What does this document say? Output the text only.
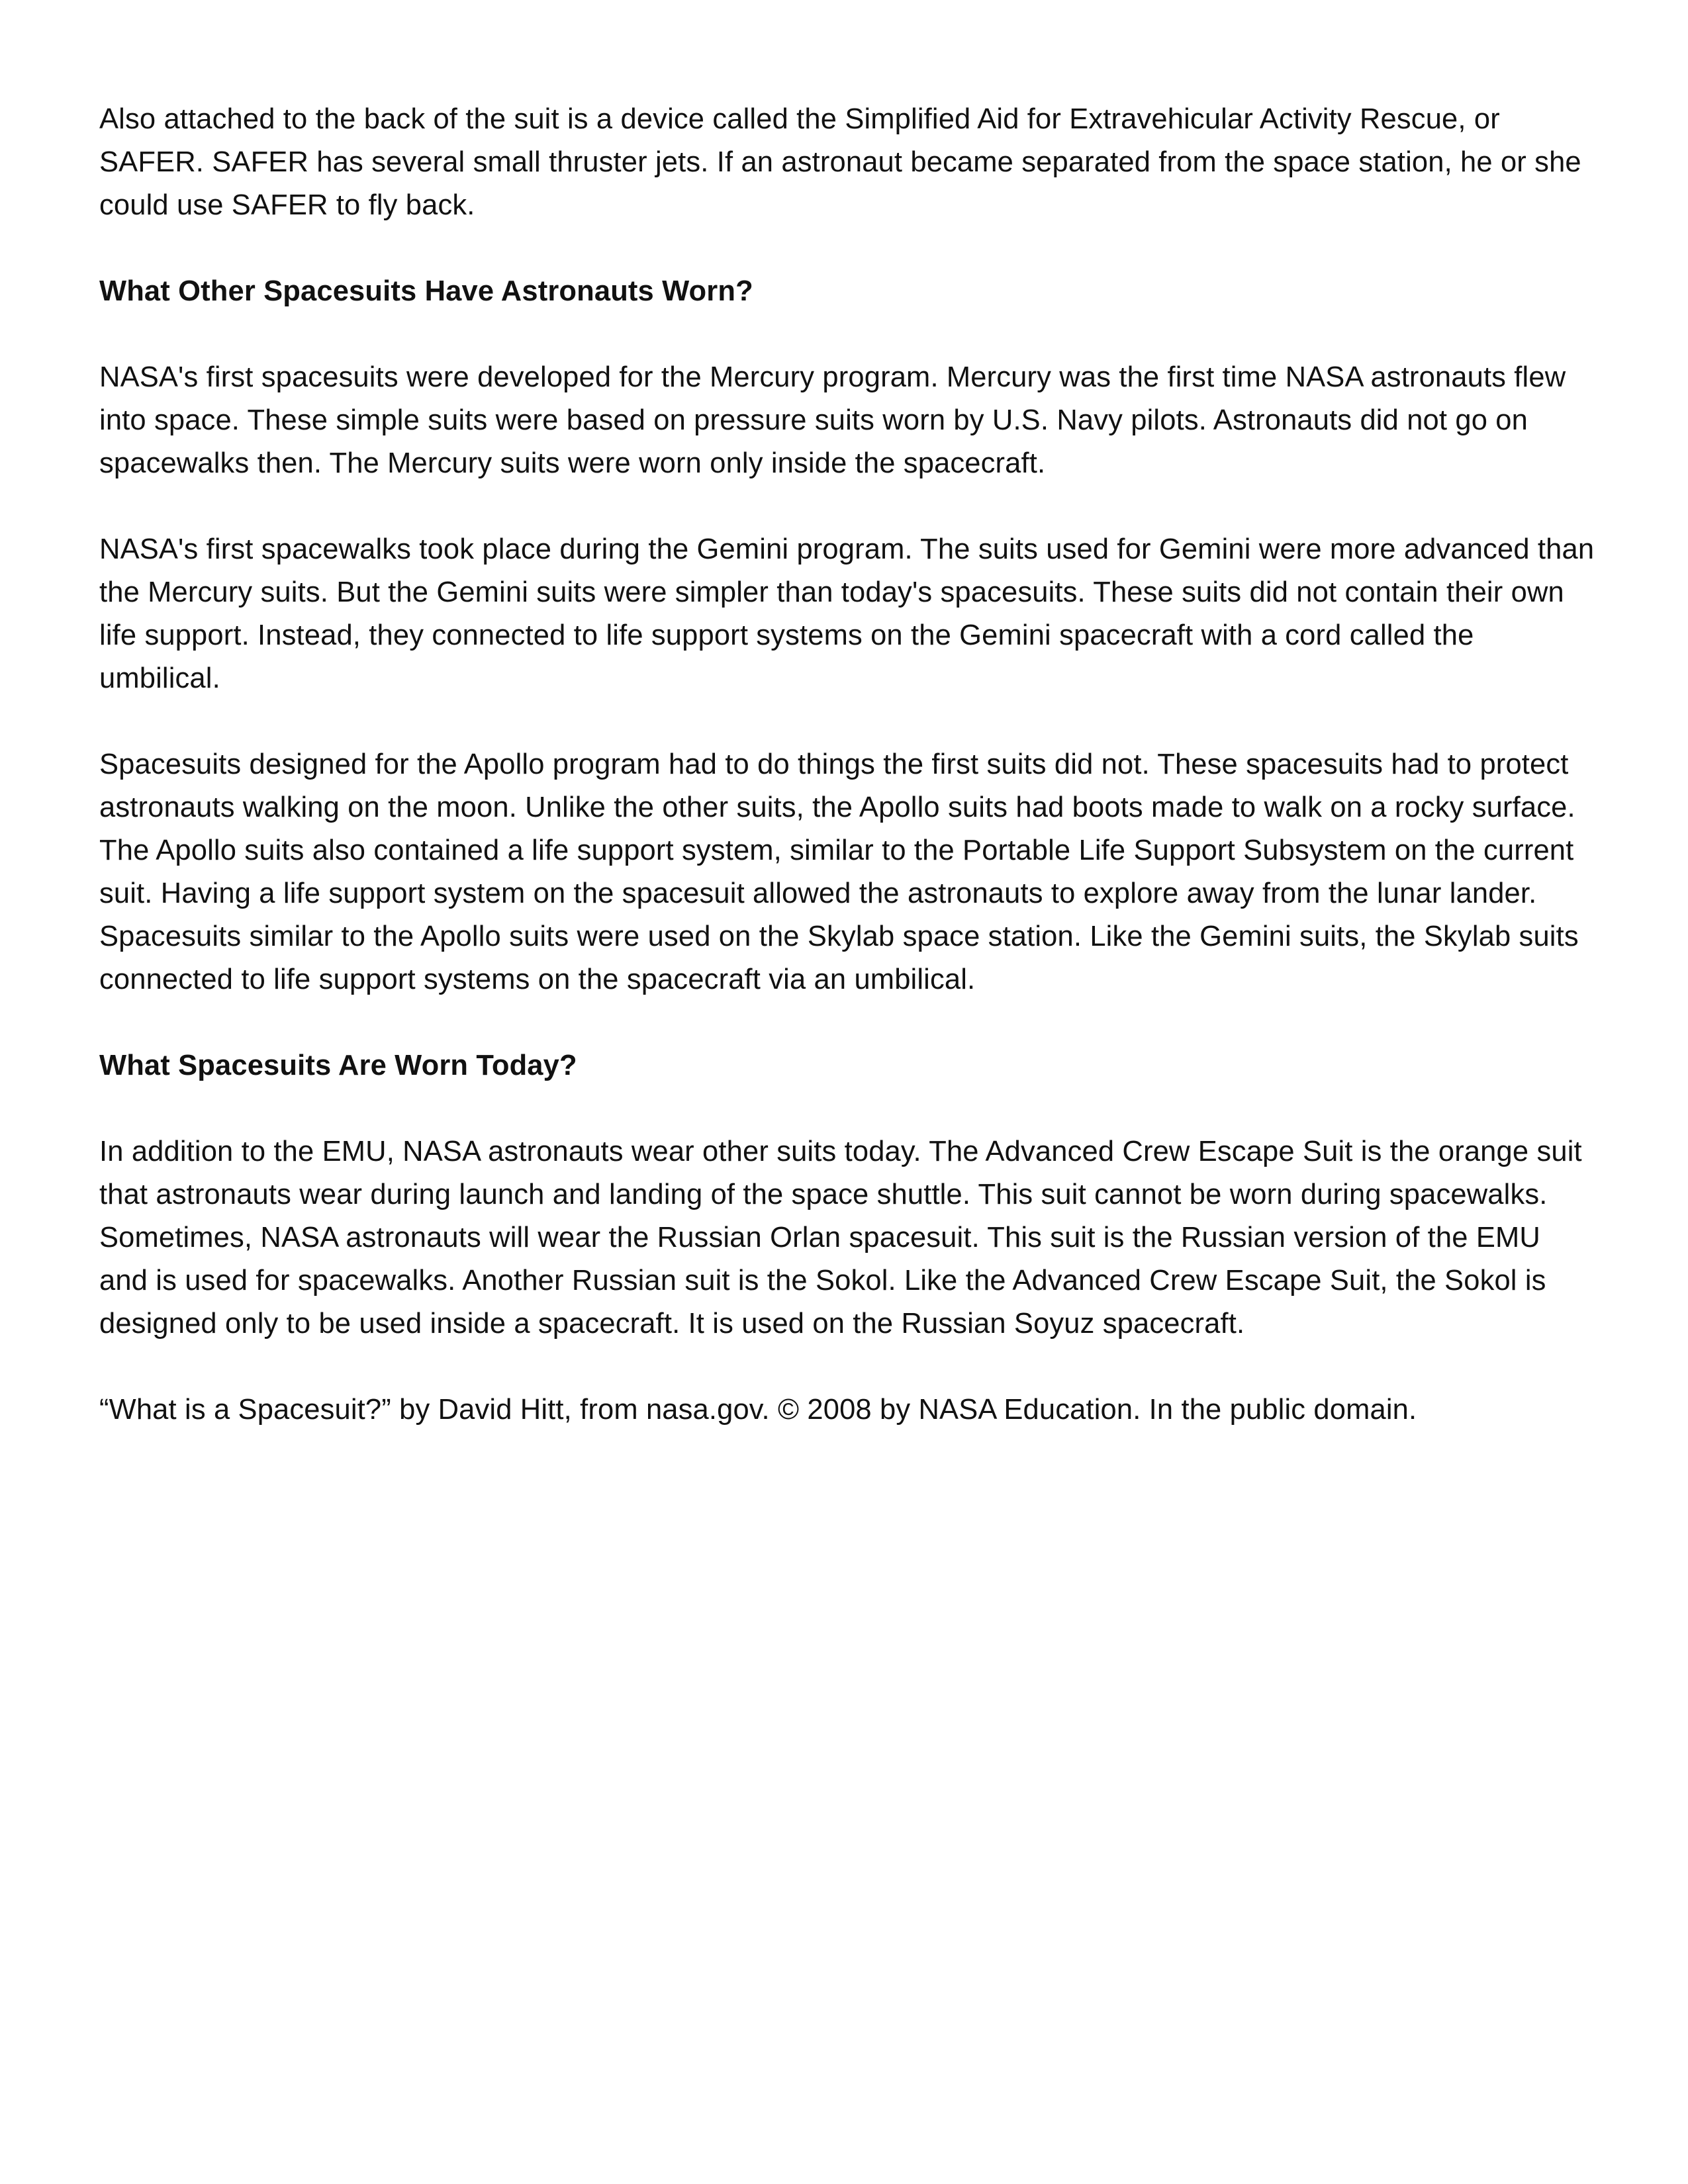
Also attached to the back of the suit is a device called the Simplified Aid for Extravehicular Activity Rescue, or SAFER. SAFER has several small thruster jets. If an astronaut became separated from the space station, he or she could use SAFER to fly back.

What Other Spacesuits Have Astronauts Worn?

NASA's first spacesuits were developed for the Mercury program. Mercury was the first time NASA astronauts flew into space. These simple suits were based on pressure suits worn by U.S. Navy pilots. Astronauts did not go on spacewalks then. The Mercury suits were worn only inside the spacecraft.

NASA's first spacewalks took place during the Gemini program. The suits used for Gemini were more advanced than the Mercury suits. But the Gemini suits were simpler than today's spacesuits. These suits did not contain their own life support. Instead, they connected to life support systems on the Gemini spacecraft with a cord called the umbilical.

Spacesuits designed for the Apollo program had to do things the first suits did not. These spacesuits had to protect astronauts walking on the moon. Unlike the other suits, the Apollo suits had boots made to walk on a rocky surface. The Apollo suits also contained a life support system, similar to the Portable Life Support Subsystem on the current suit. Having a life support system on the spacesuit allowed the astronauts to explore away from the lunar lander. Spacesuits similar to the Apollo suits were used on the Skylab space station. Like the Gemini suits, the Skylab suits connected to life support systems on the spacecraft via an umbilical.

What Spacesuits Are Worn Today?

In addition to the EMU, NASA astronauts wear other suits today. The Advanced Crew Escape Suit is the orange suit that astronauts wear during launch and landing of the space shuttle. This suit cannot be worn during spacewalks. Sometimes, NASA astronauts will wear the Russian Orlan spacesuit. This suit is the Russian version of the EMU and is used for spacewalks. Another Russian suit is the Sokol. Like the Advanced Crew Escape Suit, the Sokol is designed only to be used inside a spacecraft. It is used on the Russian Soyuz spacecraft.

“What is a Spacesuit?” by David Hitt, from nasa.gov. © 2008 by NASA Education. In the public domain.
